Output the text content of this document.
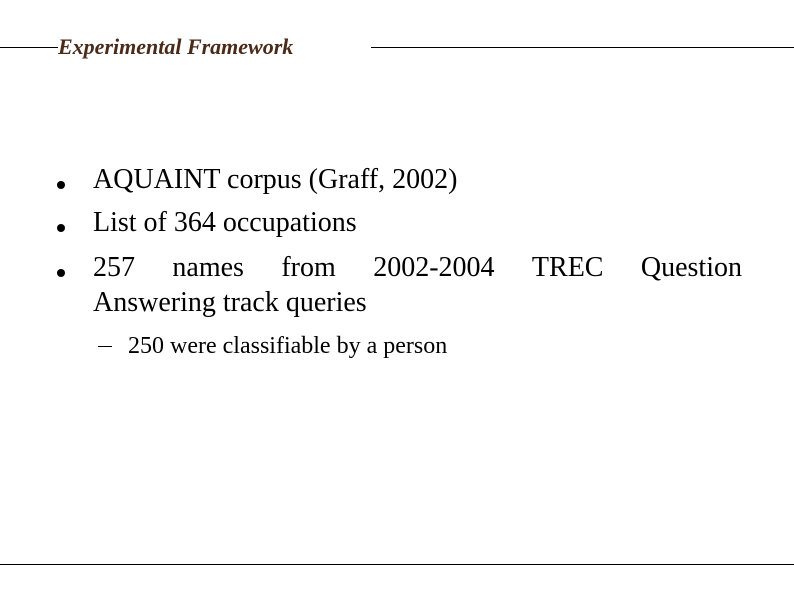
Experimental Framework
AQUAINT corpus (Graff, 2002)
List of 364 occupations
257 names from 2002-2004 TREC Question
Answering track queries
250 were classifiable by a person
